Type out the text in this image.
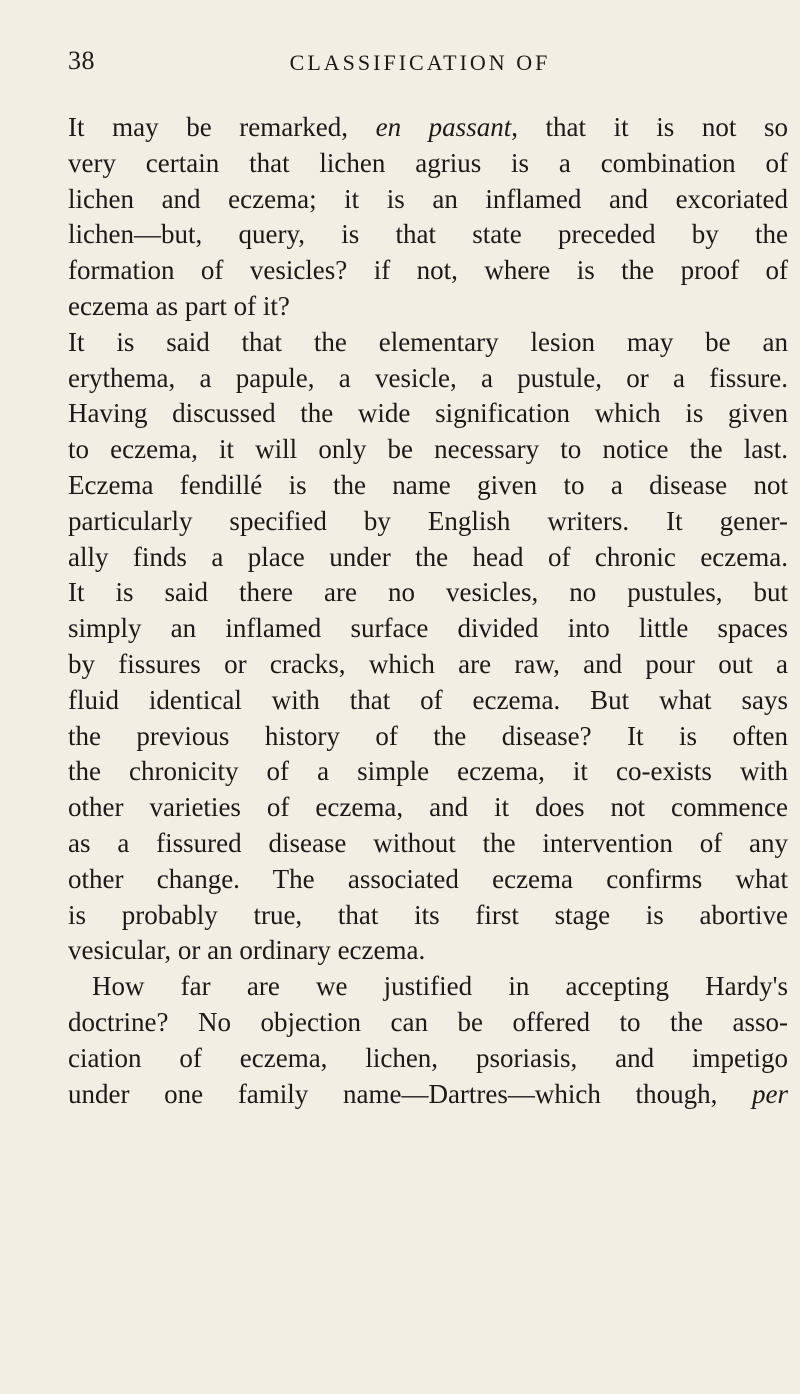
38	CLASSIFICATION OF
It may be remarked, en passant, that it is not so
very certain that lichen agrius is a combination of
lichen and eczema; it is an inflamed and excoriated
lichen—but, query, is that state preceded by the
formation of vesicles? if not, where is the proof of
eczema as part of it?
It is said that the elementary lesion may be an
erythema, a papule, a vesicle, a pustule, or a fissure.
Having discussed the wide signification which is given
to eczema, it will only be necessary to notice the last.
Eczema fendillé is the name given to a disease not
particularly specified by English writers. It gener-
ally finds a place under the head of chronic eczema.
It is said there are no vesicles, no pustules, but
simply an inflamed surface divided into little spaces
by fissures or cracks, which are raw, and pour out a
fluid identical with that of eczema. But what says
the previous history of the disease? It is often
the chronicity of a simple eczema, it co-exists with
other varieties of eczema, and it does not commence
as a fissured disease without the intervention of any
other change. The associated eczema confirms what
is probably true, that its first stage is abortive
vesicular, or an ordinary eczema.
How far are we justified in accepting Hardy's
doctrine? No objection can be offered to the asso-
ciation of eczema, lichen, psoriasis, and impetigo
under one family name—Dartres—which though, per
